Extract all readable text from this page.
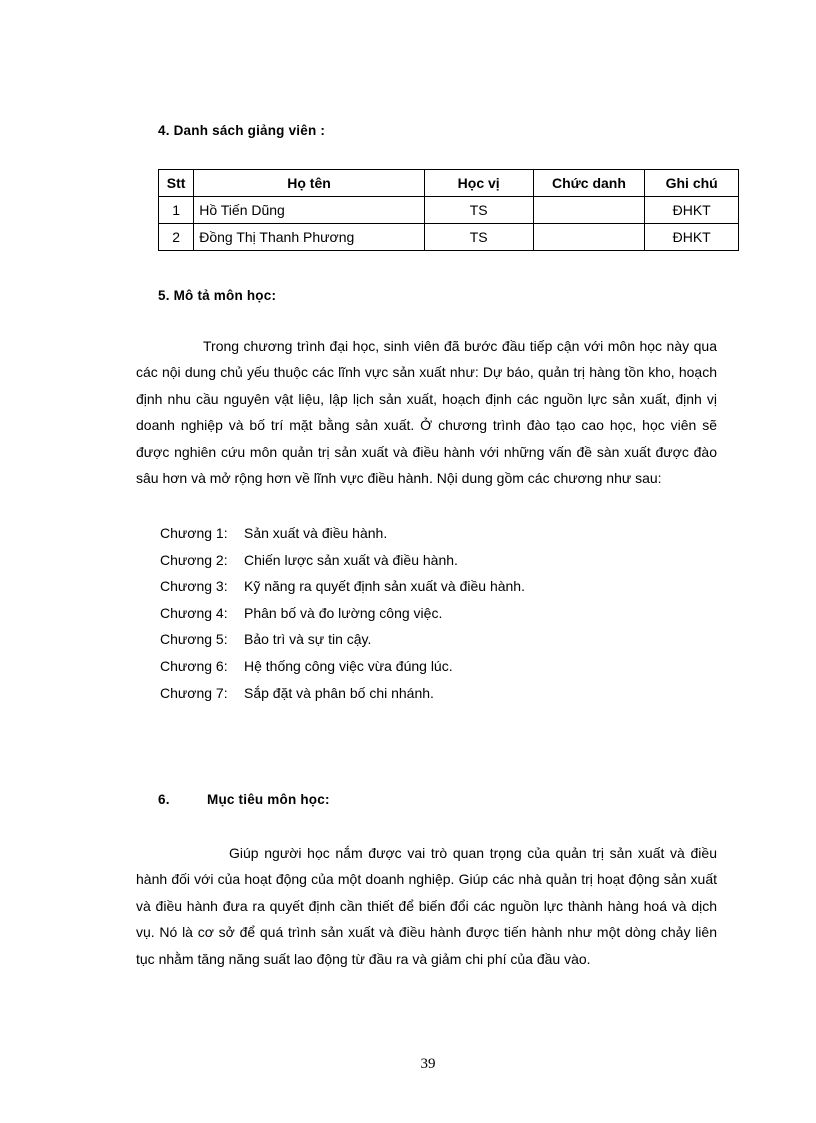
4. Danh sách giảng viên :
Stt	Họ tên	Học vị	Chức danh	Ghi chú
1	Hồ Tiến Dũng	TS		ĐHKT
2	Đồng Thị Thanh Phương	TS		ĐHKT
5. Mô tả môn học:

Trong chương trình đại học, sinh viên đã bước đầu tiếp cận với môn học này qua các nội dung chủ yếu thuộc các lĩnh vực sản xuất như: Dự báo, quản trị hàng tồn kho, hoạch định nhu cầu nguyên vật liệu, lập lịch sản xuất, hoạch định các nguồn lực sản xuất, định vị doanh nghiệp và bố trí mặt bằng sản xuất. Ở chương trình đào tạo cao học, học viên sẽ được nghiên cứu môn quản trị sản xuất và điều hành với những vấn đề sàn xuất được đào sâu hơn và mở rộng hơn về lĩnh vực điều hành. Nội dung gồm các chương như sau:

Chương 1: Sản xuất và điều hành.
Chương 2: Chiến lược sản xuất và điều hành.
Chương 3: Kỹ năng ra quyết định sản xuất và điều hành.
Chương 4: Phân bố và đo lường công việc.
Chương 5: Bảo trì và sự tin cậy.
Chương 6: Hệ thống công việc vừa đúng lúc.
Chương 7: Sắp đặt và phân bố chi nhánh.
6.	Mục tiêu môn học:

Giúp người học nắm được vai trò quan trọng của quản trị sản xuất và điều hành đối với của hoạt động của một doanh nghiệp. Giúp các nhà quản trị hoạt động sản xuất và điều hành đưa ra quyết định cần thiết để biến đổi các nguồn lực thành hàng hoá và dịch vụ. Nó là cơ sở để quá trình sản xuất và điều hành được tiến hành như một dòng chảy liên tục nhằm tăng năng suất lao động từ đầu ra và giảm chi phí của đầu vào.

39
